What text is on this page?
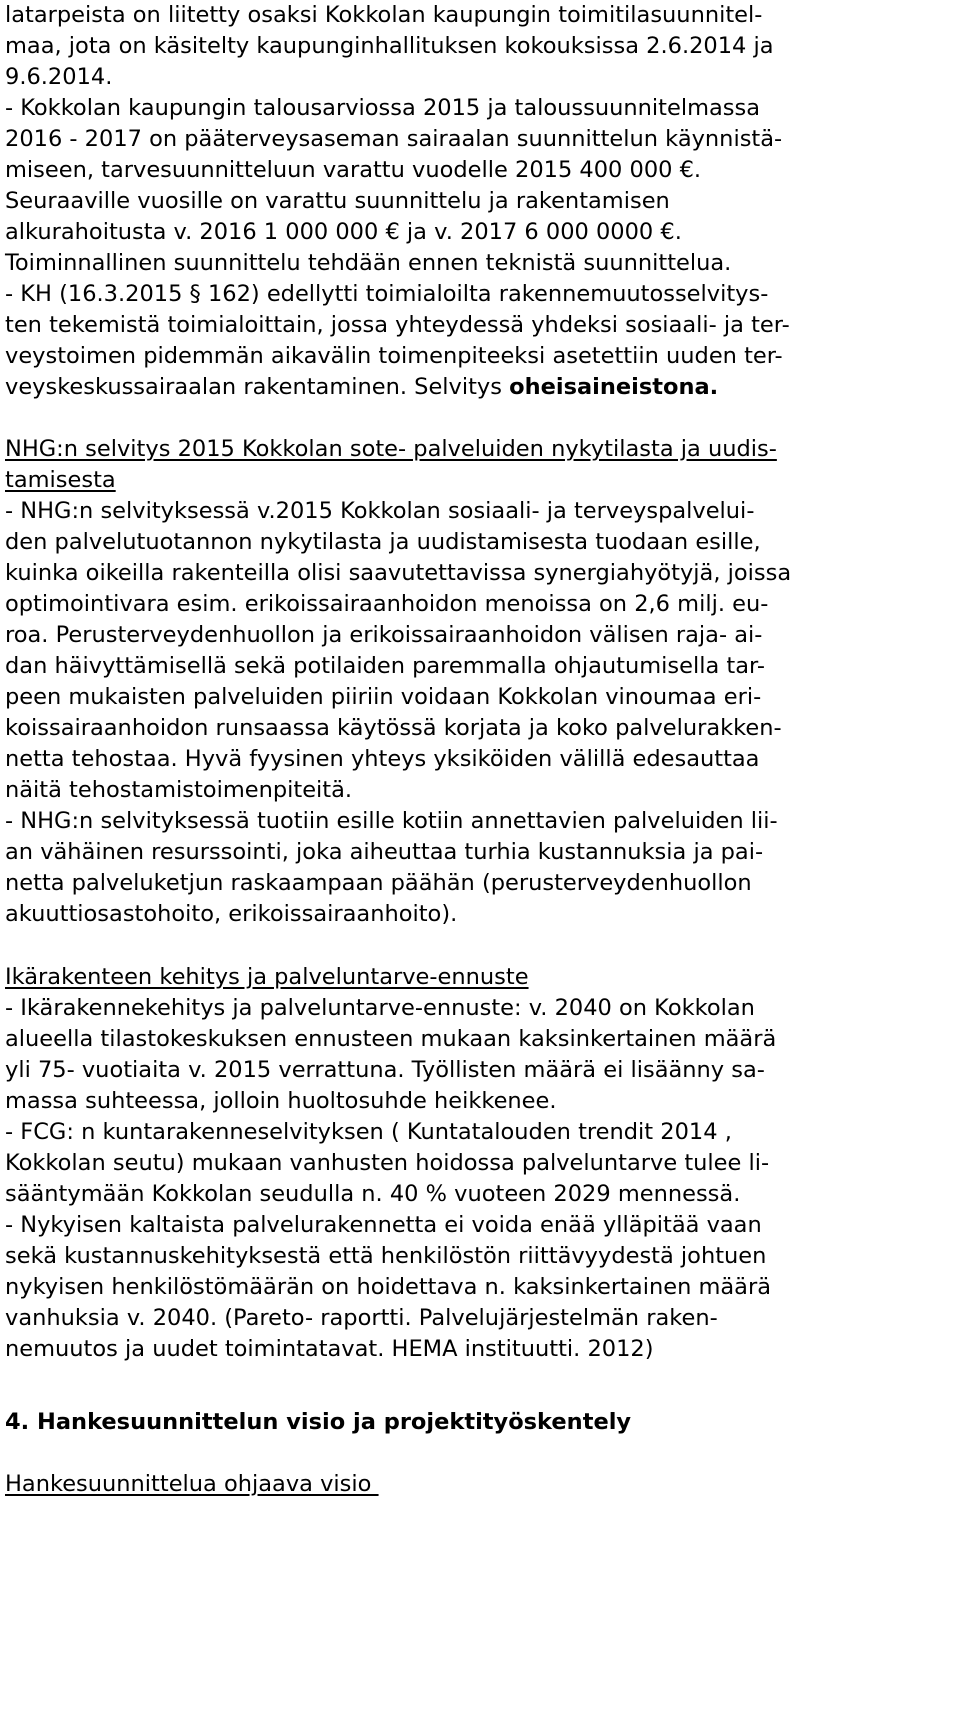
latarpeista on liitetty osaksi Kokkolan kaupungin toimitilasuunnitel-

maa, jota on käsitelty kaupunginhallituksen kokouksissa 2.6.2014 ja

9.6.2014.

- Kokkolan kaupungin talousarviossa 2015 ja taloussuunnitelmassa

2016 - 2017 on pääterveysaseman sairaalan suunnittelun käynnistä-

miseen, tarvesuunnitteluun varattu vuodelle 2015 400 000 €.

Seuraaville vuosille on varattu suunnittelu ja rakentamisen

alkurahoitusta v. 2016 1 000 000 € ja v. 2017 6 000 0000 €.

Toiminnallinen suunnittelu tehdään ennen teknistä suunnittelua.

- KH (16.3.2015 § 162) edellytti toimialoilta rakennemuutosselvitys-

ten tekemistä toimialoittain, jossa yhteydessä yhdeksi sosiaali- ja ter-

veystoimen pidemmän aikavälin toimenpiteeksi asetettiin uuden ter-

veyskeskussairaalan rakentaminen. Selvitys oheisaineistona.

NHG:n selvitys 2015 Kokkolan sote- palveluiden nykytilasta ja uudis-

tamisesta

- NHG:n selvityksessä v.2015 Kokkolan sosiaali- ja terveyspalvelui-

den palvelutuotannon nykytilasta ja uudistamisesta tuodaan esille,

kuinka oikeilla rakenteilla olisi saavutettavissa synergiahyötyjä, joissa

optimointivara esim. erikoissairaanhoidon menoissa on 2,6 milj. eu-

roa. Perusterveydenhuollon ja erikoissairaanhoidon välisen raja- ai-

dan häivyttämisellä sekä potilaiden paremmalla ohjautumisella tar-

peen mukaisten palveluiden piiriin voidaan Kokkolan vinoumaa eri-

koissairaanhoidon runsaassa käytössä korjata ja koko palvelurakken-

netta tehostaa. Hyvä fyysinen yhteys yksiköiden välillä edesauttaa

näitä tehostamistoimenpiteitä.

- NHG:n selvityksessä tuotiin esille kotiin annettavien palveluiden lii-

an vähäinen resurssointi, joka aiheuttaa turhia kustannuksia ja pai-

netta palveluketjun raskaampaan päähän (perusterveydenhuollon

akuuttiosastohoito, erikoissairaanhoito).

Ikärakenteen kehitys ja palveluntarve-ennuste

- Ikärakennekehitys ja palveluntarve-ennuste: v. 2040 on Kokkolan

alueella tilastokeskuksen ennusteen mukaan kaksinkertainen määrä

yli 75- vuotiaita v. 2015 verrattuna. Työllisten määrä ei lisäänny sa-

massa suhteessa, jolloin huoltosuhde heikkenee.

- FCG: n kuntarakenneselvityksen ( Kuntatalouden trendit 2014 ,

Kokkolan seutu) mukaan vanhusten hoidossa palveluntarve tulee li-

sääntymään Kokkolan seudulla n. 40 % vuoteen 2029 mennessä.

- Nykyisen kaltaista palvelurakennetta ei voida enää ylläpitää vaan

sekä kustannuskehityksestä että henkilöstön riittävyydestä johtuen

nykyisen henkilöstömäärän on hoidettava n. kaksinkertainen määrä

vanhuksia v. 2040. (Pareto- raportti. Palvelujärjestelmän raken-

nemuutos ja uudet toimintatavat. HEMA instituutti. 2012)

4. Hankesuunnittelun visio ja projektityöskentely

Hankesuunnittelua ohjaava visio
